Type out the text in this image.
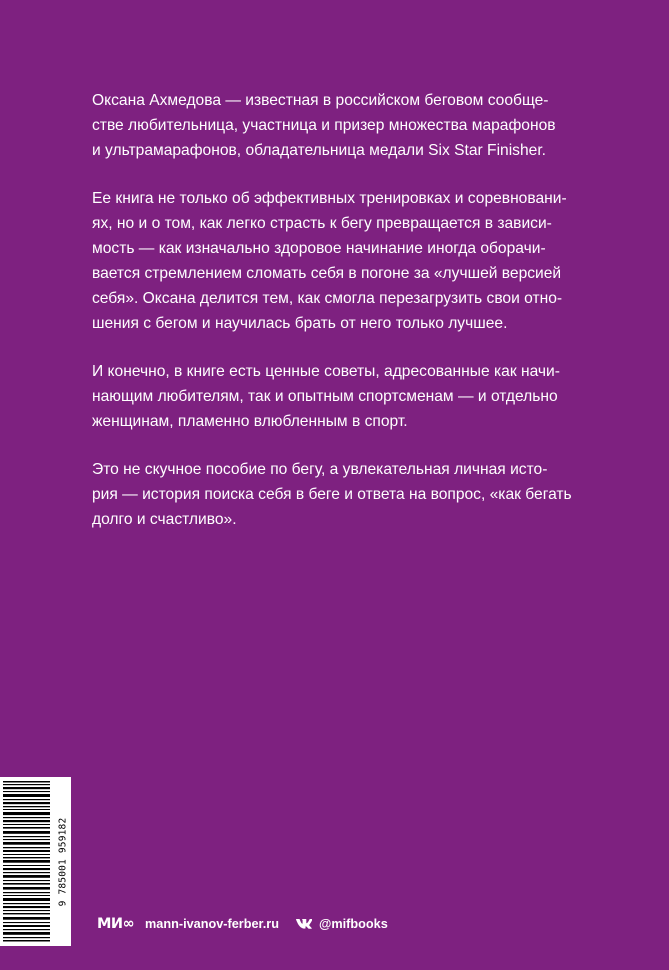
Оксана Ахмедова — известная в российском беговом сообще-
стве любительница, участница и призер множества марафонов
и ультрамарафонов, обладательница медали Six Star Finisher.

Ее книга не только об эффективных тренировках и соревновани-
ях, но и о том, как легко страсть к бегу превращается в зависи-
мость — как изначально здоровое начинание иногда оборачи-
вается стремлением сломать себя в погоне за «лучшей версией
себя». Оксана делится тем, как смогла перезагрузить свои отно-
шения с бегом и научилась брать от него только лучшее.

И конечно, в книге есть ценные советы, адресованные как начи-
нающим любителям, так и опытным спортсменам — и отдельно
женщинам, пламенно влюбленным в спорт.

Это не скучное пособие по бегу, а увлекательная личная исто-
рия — история поиска себя в беге и ответа на вопрос, «как бегать
долго и счастливо».

9 785001 959182
МИ∞ mann-ivanov-ferber.ru	@mifbooks
